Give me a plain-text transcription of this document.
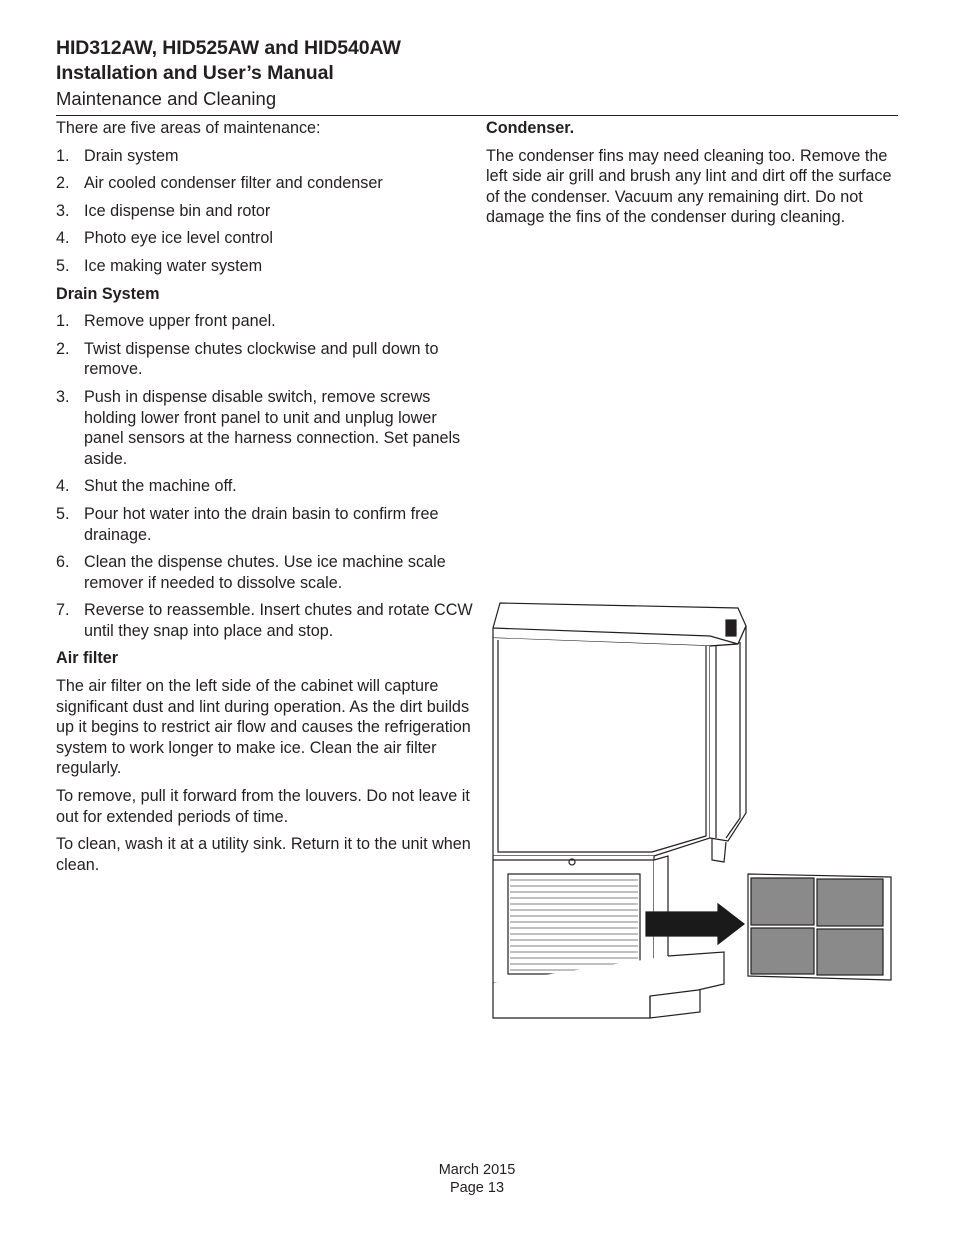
HID312AW, HID525AW and HID540AW
Installation and User’s Manual
Maintenance and Cleaning

There are five areas of maintenance:

1. Drain system
2. Air cooled condenser filter and condenser
3. Ice dispense bin and rotor
4. Photo eye ice level control
5. Ice making water system

Drain System

1. Remove upper front panel.
2. Twist dispense chutes clockwise and pull down to remove.
3. Push in dispense disable switch, remove screws holding lower front panel to unit and unplug lower panel sensors at the harness connection. Set panels aside.
4. Shut the machine off.
5. Pour hot water into the drain basin to confirm free drainage.
6. Clean the dispense chutes. Use ice machine scale remover if needed to dissolve scale.
7. Reverse to reassemble. Insert chutes and rotate CCW until they snap into place and stop.

Air filter

The air filter on the left side of the cabinet will capture significant dust and lint during operation. As the dirt builds up it begins to restrict air flow and causes the refrigeration system to work longer to make ice. Clean the air filter regularly.

To remove, pull it forward from the louvers. Do not leave it out for extended periods of time.

To clean, wash it at a utility sink. Return it to the unit when clean.

Condenser.

The condenser fins may need cleaning too. Remove the left side air grill and brush any lint and dirt off the surface of the condenser. Vacuum any remaining dirt. Do not damage the fins of the condenser during cleaning.

March 2015
Page 13
